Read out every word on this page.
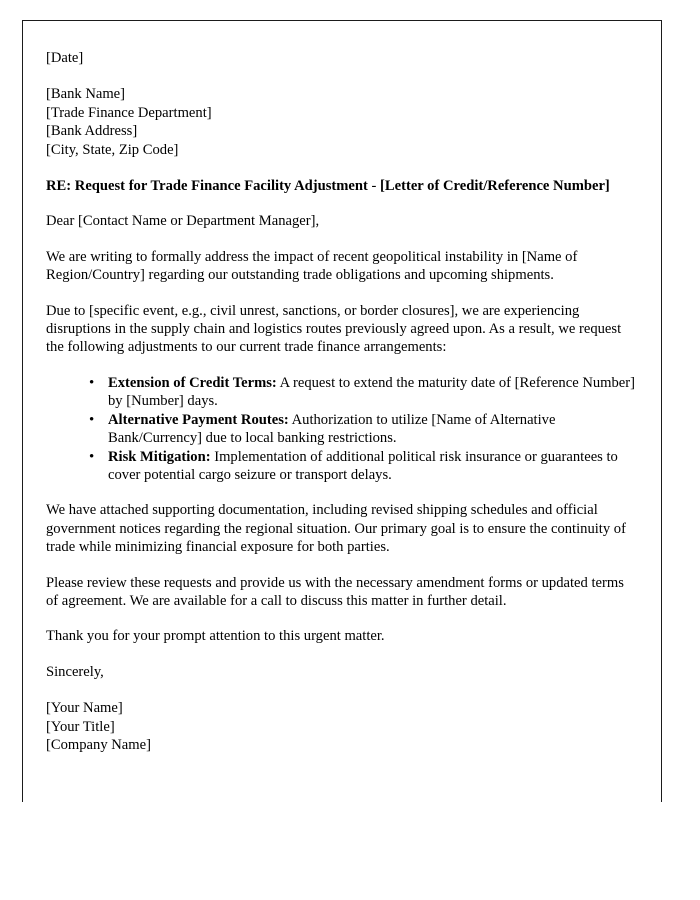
[Date]

[Bank Name]

[Trade Finance Department]

[Bank Address]

[City, State, Zip Code]

RE: Request for Trade Finance Facility Adjustment - [Letter of Credit/Reference Number]

Dear [Contact Name or Department Manager],

We are writing to formally address the impact of recent geopolitical instability in [Name of Region/Country] regarding our outstanding trade obligations and upcoming shipments.

Due to [specific event, e.g., civil unrest, sanctions, or border closures], we are experiencing disruptions in the supply chain and logistics routes previously agreed upon. As a result, we request the following adjustments to our current trade finance arrangements:

• Extension of Credit Terms: A request to extend the maturity date of [Reference Number] by [Number] days.
• Alternative Payment Routes: Authorization to utilize [Name of Alternative Bank/Currency] due to local banking restrictions.
• Risk Mitigation: Implementation of additional political risk insurance or guarantees to cover potential cargo seizure or transport delays.

We have attached supporting documentation, including revised shipping schedules and official government notices regarding the regional situation. Our primary goal is to ensure the continuity of trade while minimizing financial exposure for both parties.

Please review these requests and provide us with the necessary amendment forms or updated terms of agreement. We are available for a call to discuss this matter in further detail.

Thank you for your prompt attention to this urgent matter.

Sincerely,

[Your Name]

[Your Title]

[Company Name]
